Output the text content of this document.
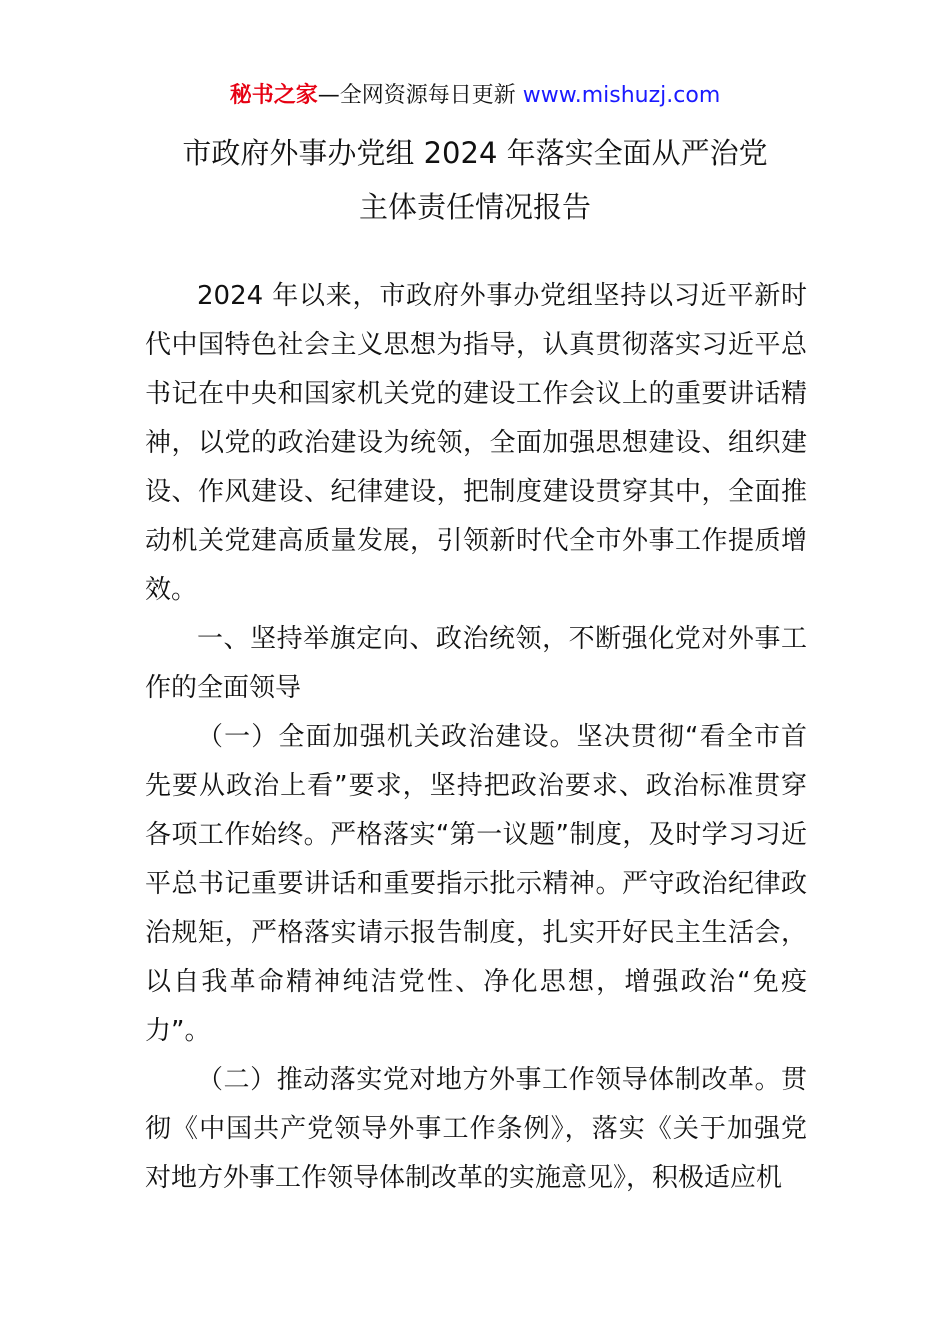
秘书之家—全网资源每日更新 www.mishuzj.com
市政府外事办党组 2024 年落实全面从严治党
主体责任情况报告

2024 年以来，市政府外事办党组坚持以习近平新时代中国特色社会主义思想为指导，认真贯彻落实习近平总书记在中央和国家机关党的建设工作会议上的重要讲话精神，以党的政治建设为统领，全面加强思想建设、组织建设、作风建设、纪律建设，把制度建设贯穿其中，全面推动机关党建高质量发展，引领新时代全市外事工作提质增效。

一、坚持举旗定向、政治统领，不断强化党对外事工作的全面领导

（一）全面加强机关政治建设。坚决贯彻“看全市首先要从政治上看”要求，坚持把政治要求、政治标准贯穿各项工作始终。严格落实“第一议题”制度，及时学习习近平总书记重要讲话和重要指示批示精神。严守政治纪律政治规矩，严格落实请示报告制度，扎实开好民主生活会，以自我革命精神纯洁党性、净化思想，增强政治“免疫力”。

（二）推动落实党对地方外事工作领导体制改革。贯彻《中国共产党领导外事工作条例》，落实《关于加强党对地方外事工作领导体制改革的实施意见》，积极适应机
